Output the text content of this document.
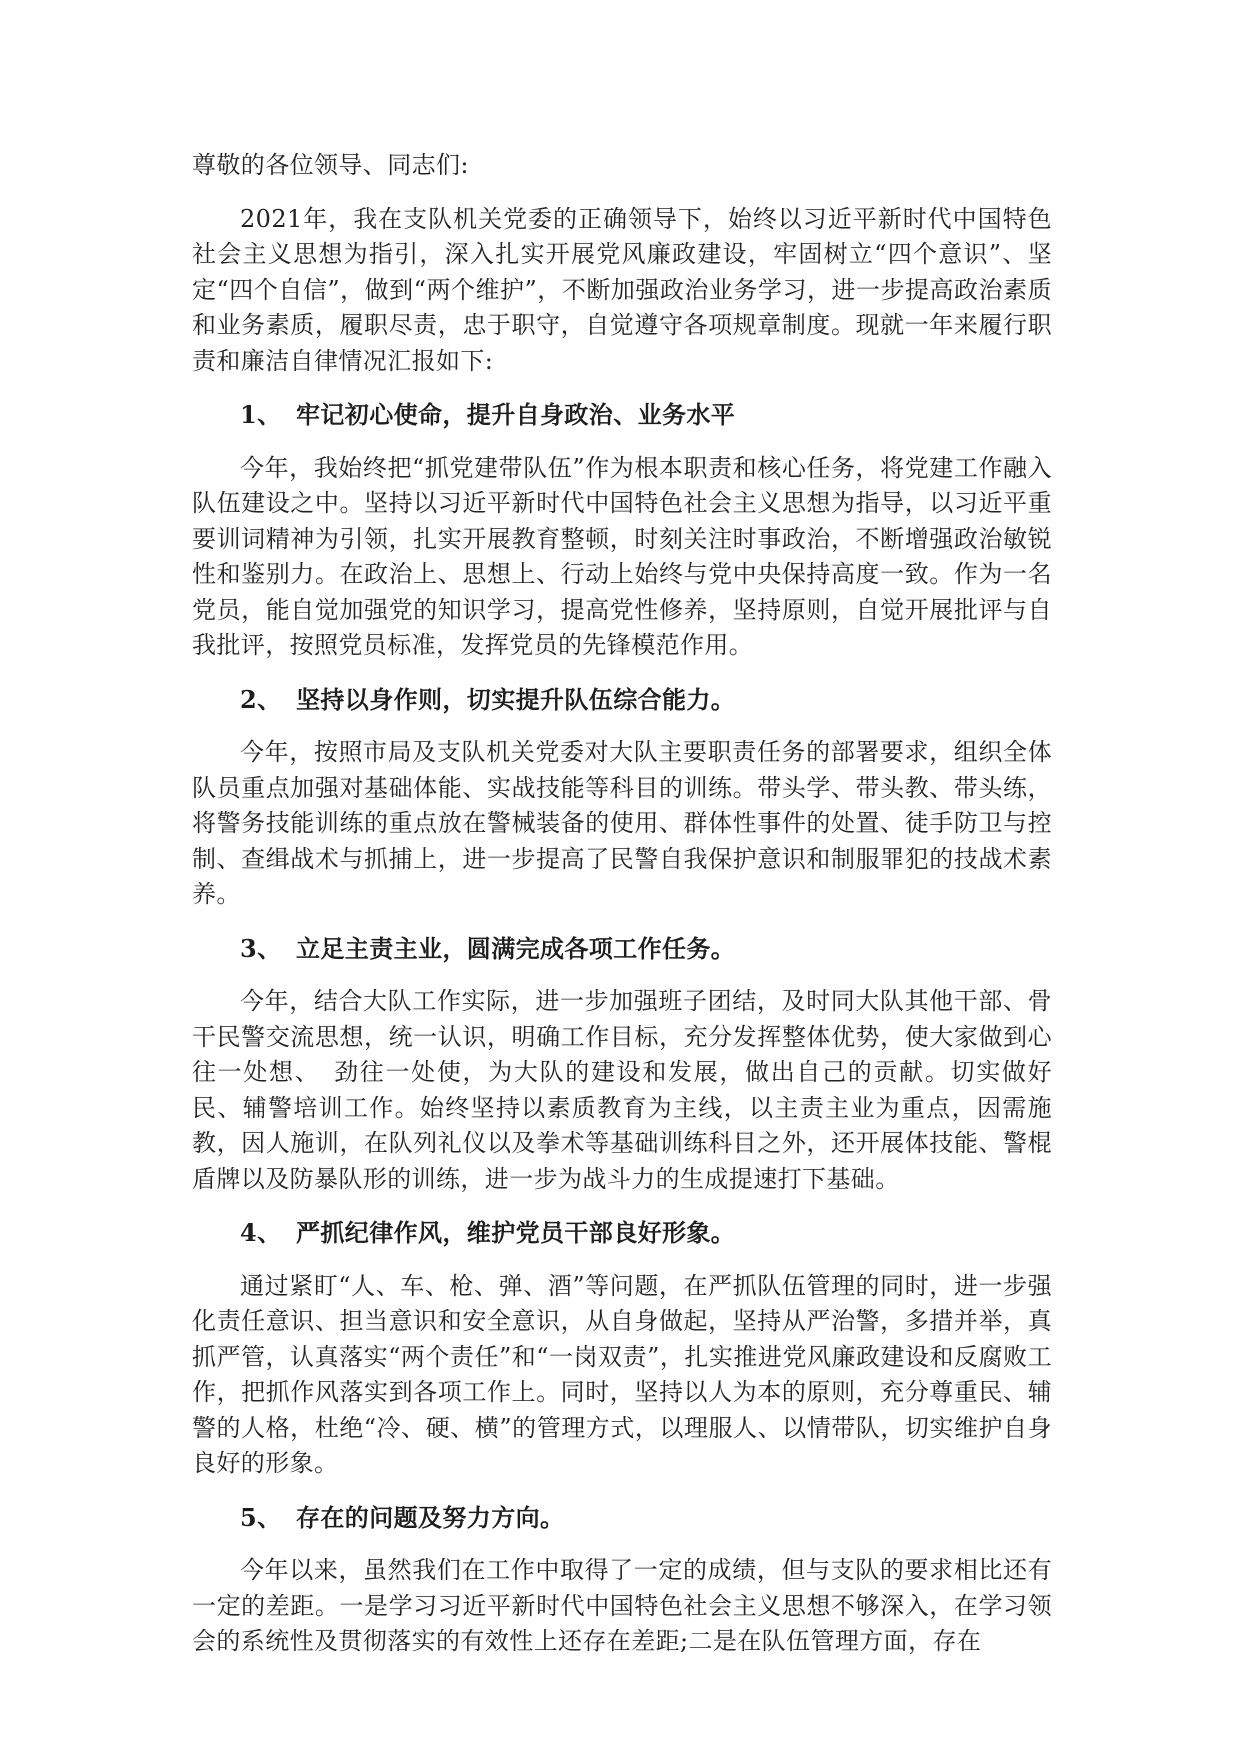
尊敬的各位领导、同志们:

2021年，我在支队机关党委的正确领导下，始终以习近平新时代中国特色社会主义思想为指引，深入扎实开展党风廉政建设，牢固树立“四个意识”、坚定“四个自信”，做到“两个维护”，不断加强政治业务学习，进一步提高政治素质和业务素质，履职尽责，忠于职守，自觉遵守各项规章制度。现就一年来履行职责和廉洁自律情况汇报如下:

1、 牢记初心使命，提升自身政治、业务水平

今年，我始终把“抓党建带队伍”作为根本职责和核心任务，将党建工作融入队伍建设之中。坚持以习近平新时代中国特色社会主义思想为指导，以习近平重要训词精神为引领，扎实开展教育整顿，时刻关注时事政治，不断增强政治敏锐性和鉴别力。在政治上、思想上、行动上始终与党中央保持高度一致。作为一名党员，能自觉加强党的知识学习，提高党性修养，坚持原则，自觉开展批评与自我批评，按照党员标准，发挥党员的先锋模范作用。

2、 坚持以身作则，切实提升队伍综合能力。

今年，按照市局及支队机关党委对大队主要职责任务的部署要求，组织全体队员重点加强对基础体能、实战技能等科目的训练。带头学、带头教、带头练，将警务技能训练的重点放在警械装备的使用、群体性事件的处置、徒手防卫与控制、查缉战术与抓捕上，进一步提高了民警自我保护意识和制服罪犯的技战术素养。

3、 立足主责主业，圆满完成各项工作任务。

今年，结合大队工作实际，进一步加强班子团结，及时同大队其他干部、骨干民警交流思想，统一认识，明确工作目标，充分发挥整体优势，使大家做到心往一处想、　劲往一处使，为大队的建设和发展，做出自己的贡献。切实做好民、辅警培训工作。始终坚持以素质教育为主线，以主责主业为重点，因需施教，因人施训，在队列礼仪以及拳术等基础训练科目之外，还开展体技能、警棍盾牌以及防暴队形的训练，进一步为战斗力的生成提速打下基础。

4、 严抓纪律作风，维护党员干部良好形象。

通过紧盯“人、车、枪、弹、酒”等问题，在严抓队伍管理的同时，进一步强化责任意识、担当意识和安全意识，从自身做起，坚持从严治警，多措并举，真抓严管，认真落实“两个责任”和“一岗双责”，扎实推进党风廉政建设和反腐败工作，把抓作风落实到各项工作上。同时，坚持以人为本的原则，充分尊重民、辅警的人格，杜绝“冷、硬、横”的管理方式，以理服人、以情带队，切实维护自身良好的形象。

5、 存在的问题及努力方向。

今年以来，虽然我们在工作中取得了一定的成绩，但与支队的要求相比还有一定的差距。一是学习习近平新时代中国特色社会主义思想不够深入，在学习领会的系统性及贯彻落实的有效性上还存在差距;二是在队伍管理方面，存在
